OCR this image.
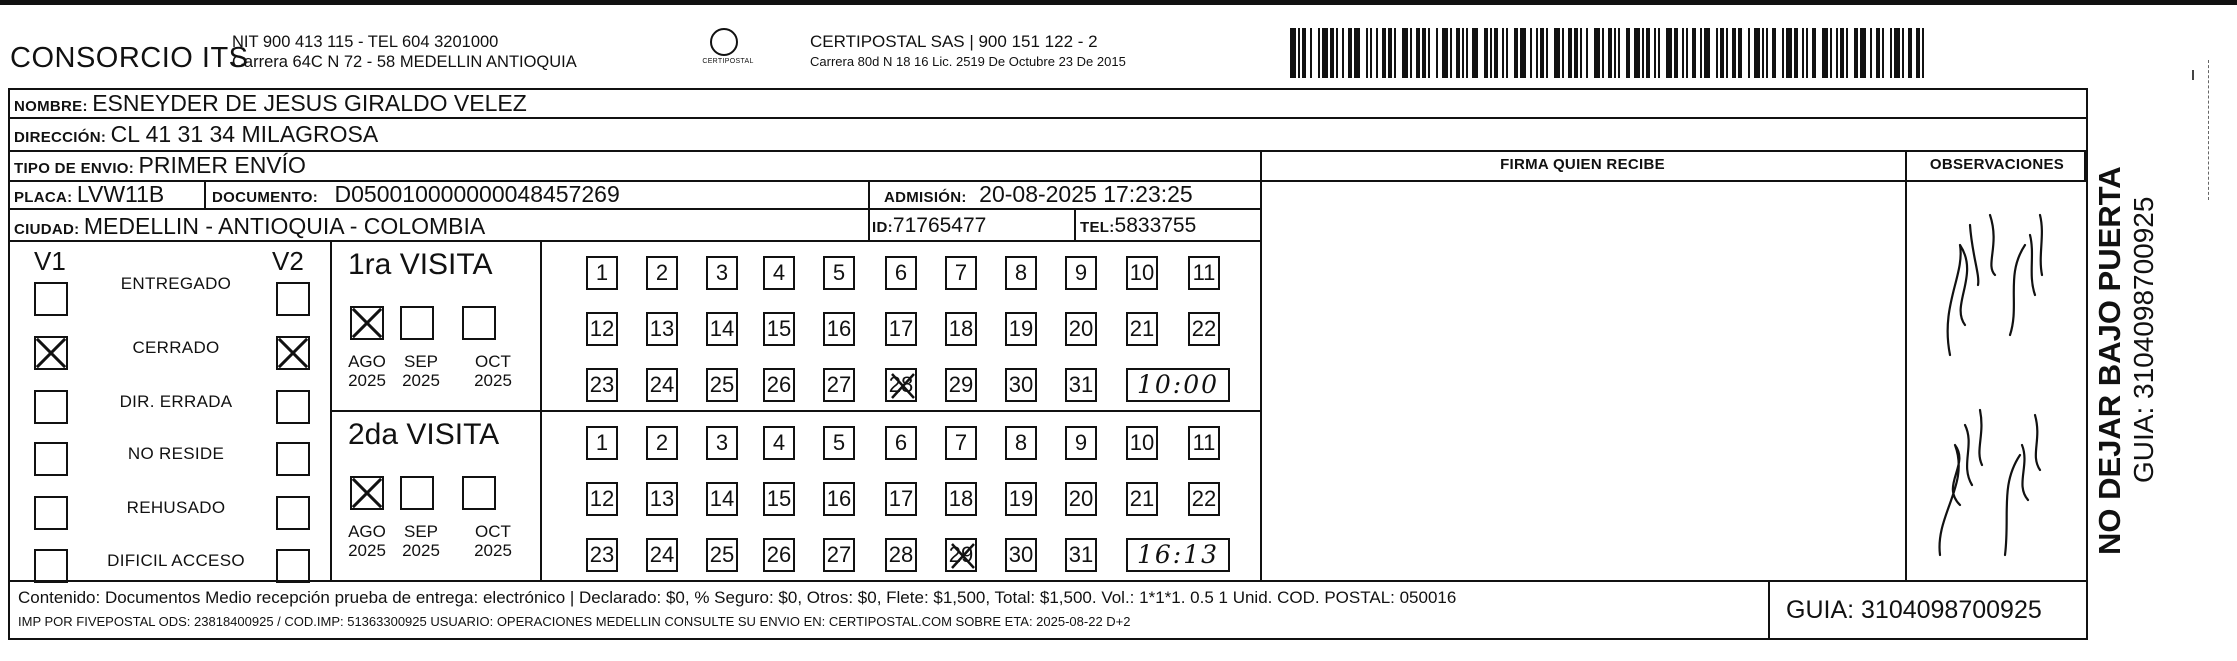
CONSORCIO ITS
NIT 900 413 115 - TEL 604 3201000
Carrera 64C N 72 - 58 MEDELLIN ANTIOQUIA	CERTIPOSTAL
CERTIPOSTAL SAS | 900 151 122 - 2
Carrera 80d N 18 16 Lic. 2519 De Octubre 23 De 2015
NOMBRE: ESNEYDER DE JESUS GIRALDO VELEZ
DIRECCIÓN: CL 41 31 34 MILAGROSA
TIPO DE ENVIO: PRIMER ENVÍO
PLACA: LVW11B	DOCUMENTO: D050010000000048457269	ADMISIÓN: 20-08-2025 17:23:25
CIUDAD: MEDELLIN - ANTIOQUIA - COLOMBIA	ID:71765477	TEL:5833755
FIRMA QUIEN RECIBE	OBSERVACIONES
V1	V2
ENTREGADO
CERRADO
DIR. ERRADA
NO RESIDE
REHUSADO
DIFICIL ACCESO
1ra VISITA
AGO
2025
SEP
2025
OCT
2025
1	2	3	4	5	6	7	8	9	10 11
12 13 14 15 16 17 18 19 20 21 22
23 24 25 26 27 28 29 30 31	10:00
2da VISITA
AGO
2025
SEP
2025
OCT
2025
1	2	3	4	5	6	7	8	9	10 11
12 13 14 15 16 17 18 19 20 21 22
23 24 25 26 27 28 29 30 31	16:13
Contenido: Documentos Medio recepción prueba de entrega: electrónico | Declarado: $0, % Seguro: $0, Otros: $0, Flete: $1,500, Total: $1,500. Vol.: 1*1*1. 0.5 1 Unid. COD. POSTAL: 050016
IMP POR FIVEPOSTAL ODS: 23818400925 / COD.IMP: 51363300925 USUARIO: OPERACIONES MEDELLIN CONSULTE SU ENVIO EN: CERTIPOSTAL.COM SOBRE ETA: 2025-08-22 D+2	GUIA: 3104098700925
NO DEJAR BAJO PUERTA GUIA: 3104098700925
